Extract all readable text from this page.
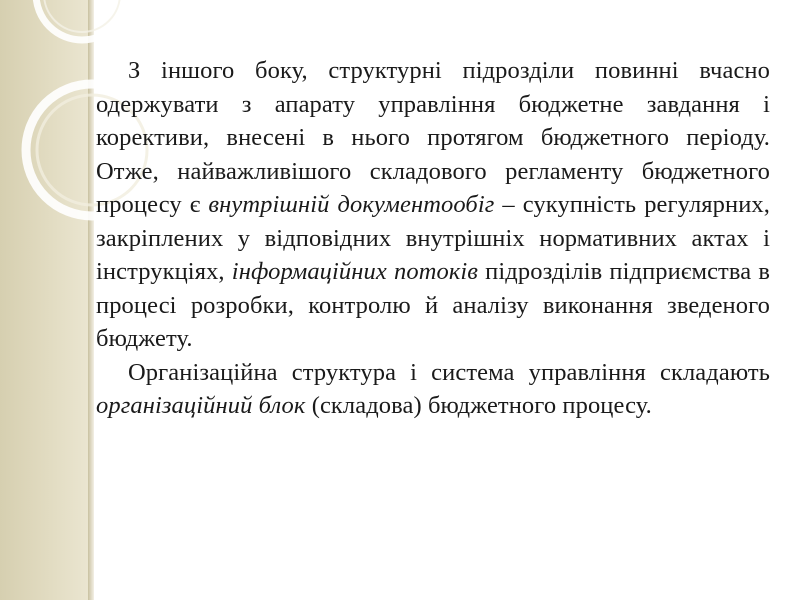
З іншого боку, структурні підрозділи повинні вчасно одержувати з апарату управління бюджетне завдання і корективи, внесені в нього протягом бюджетного періоду. Отже, найважливішого складового регламенту бюджетного процесу є внутрішній документообіг – сукупність регулярних, закріплених у відповідних внутрішніх нормативних актах і інструкціях, інформаційних потоків підрозділів підприємства в процесі розробки, контролю й аналізу виконання зведеного бюджету.

Організаційна структура і система управління складають організаційний блок (складова) бюджетного процесу.
